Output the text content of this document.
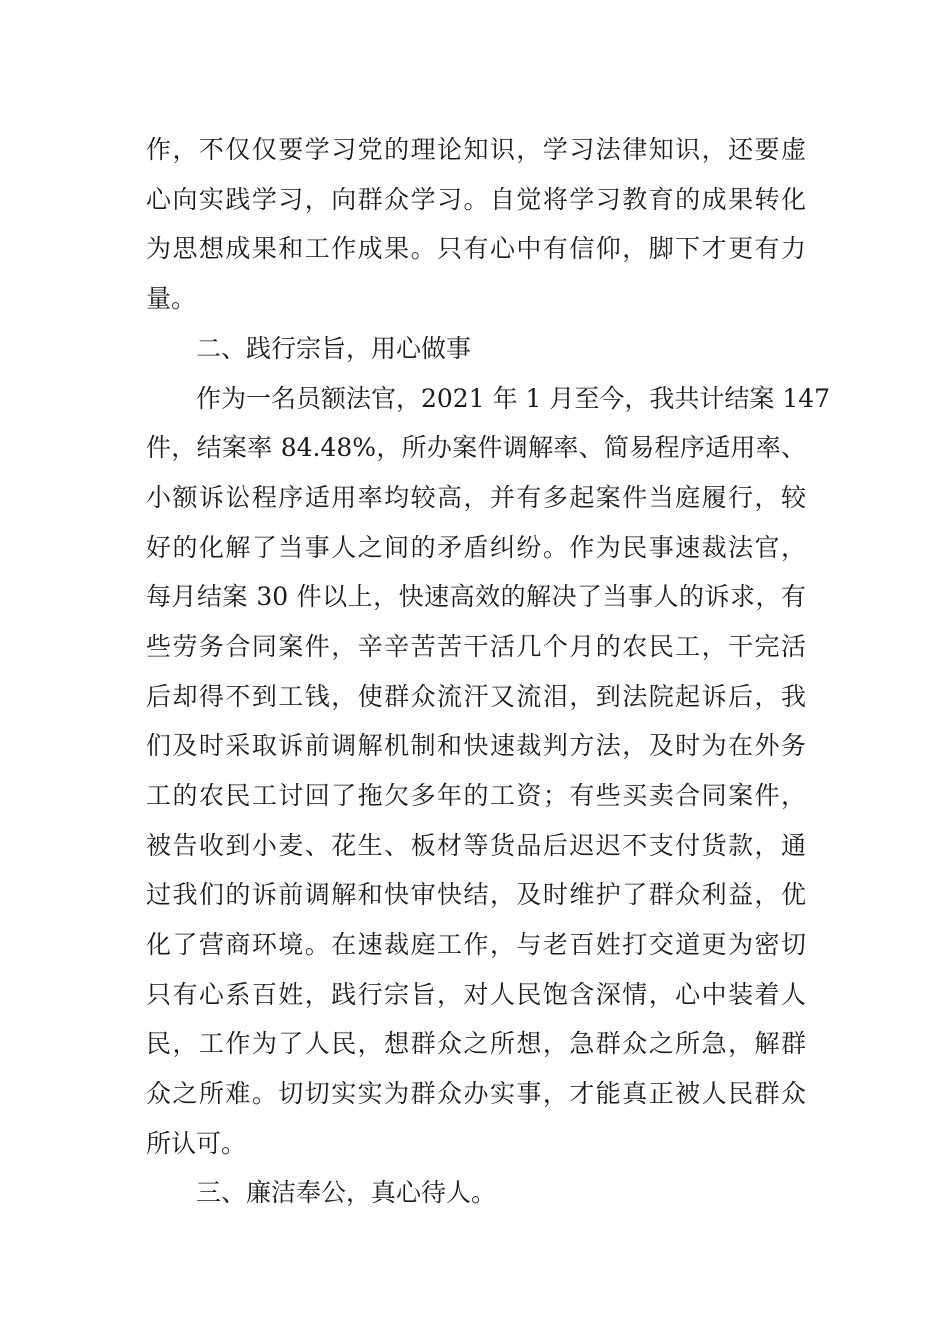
作，不仅仅要学习党的理论知识，学习法律知识，还要虚
心向实践学习，向群众学习。自觉将学习教育的成果转化
为思想成果和工作成果。只有心中有信仰，脚下才更有力
量。
二、践行宗旨，用心做事
作为一名员额法官，2021 年 1 月至今，我共计结案 147
件，结案率 84.48%，所办案件调解率、简易程序适用率、
小额诉讼程序适用率均较高，并有多起案件当庭履行，较
好的化解了当事人之间的矛盾纠纷。作为民事速裁法官，
每月结案 30 件以上，快速高效的解决了当事人的诉求，有
些劳务合同案件，辛辛苦苦干活几个月的农民工，干完活
后却得不到工钱，使群众流汗又流泪，到法院起诉后，我
们及时采取诉前调解机制和快速裁判方法，及时为在外务
工的农民工讨回了拖欠多年的工资；有些买卖合同案件，
被告收到小麦、花生、板材等货品后迟迟不支付货款，通
过我们的诉前调解和快审快结，及时维护了群众利益，优
化了营商环境。在速裁庭工作，与老百姓打交道更为密切
只有心系百姓，践行宗旨，对人民饱含深情，心中装着人
民，工作为了人民，想群众之所想，急群众之所急，解群
众之所难。切切实实为群众办实事，才能真正被人民群众
所认可。
三、廉洁奉公，真心待人。
